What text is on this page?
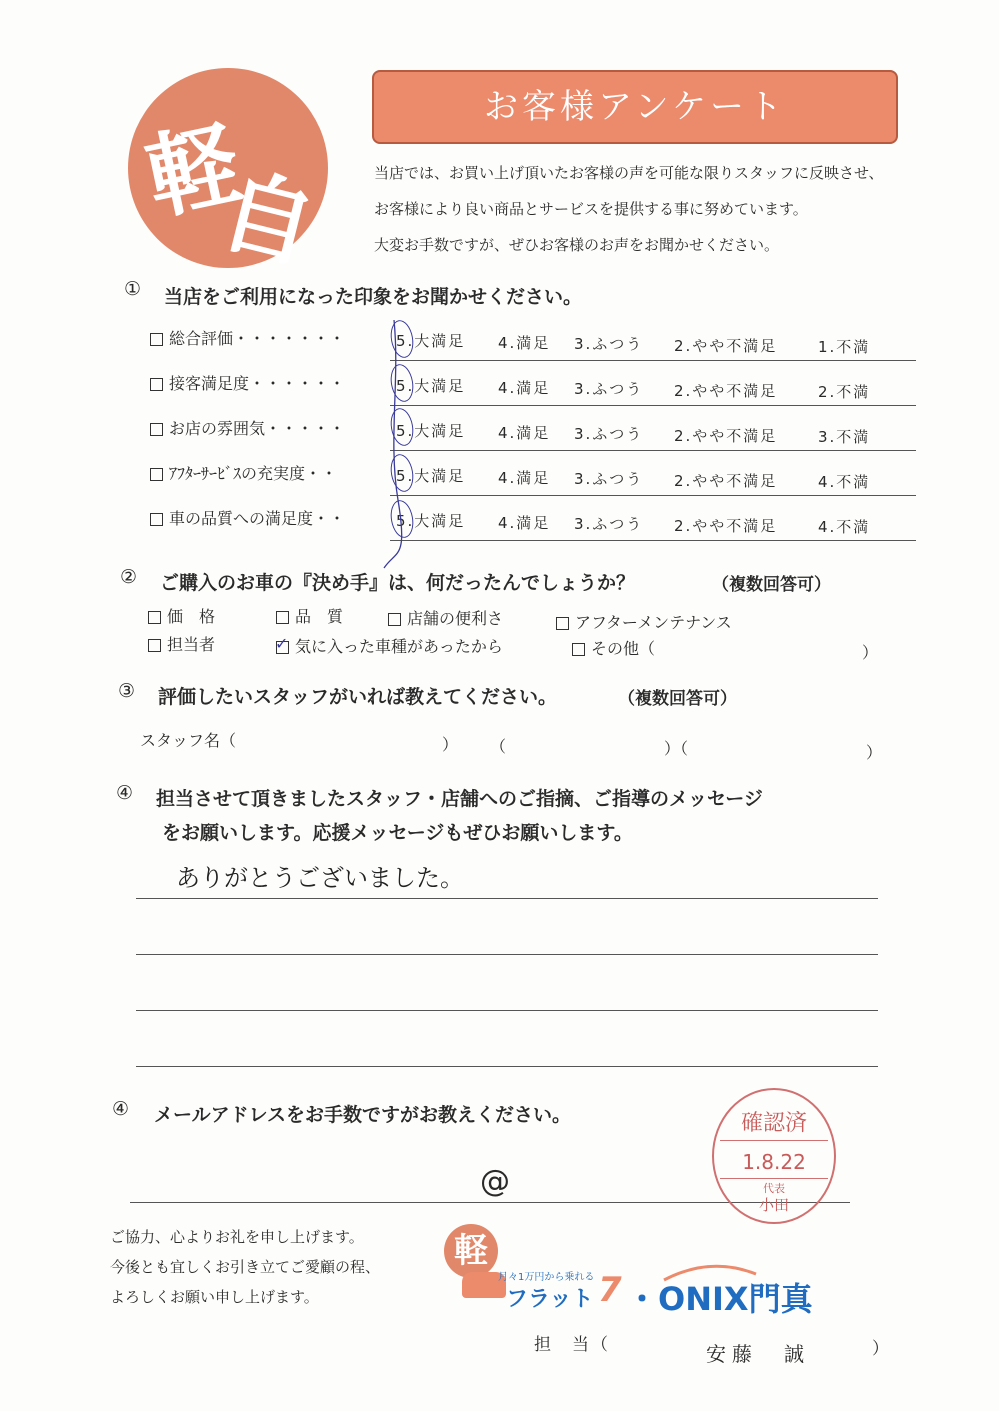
軽
自
お客様アンケート
当店では、お買い上げ頂いたお客様の声を可能な限りスタッフに反映させ、
お客様により良い商品とサービスを提供する事に努めています。
大変お手数ですが、ぜひお客様のお声をお聞かせください。
① 当店をご利用になった印象をお聞かせください。
総合評価・・・・・・・	5.大満足 4.満足 3.ふつう 2.やや不満足	1.不満
接客満足度・・・・・・	5.大満足 4.満足 3.ふつう 2.やや不満足	2.不満
お店の雰囲気・・・・・	5.大満足 4.満足 3.ふつう 2.やや不満足	3.不満
ｱﾌﾀｰｻｰﾋﾞｽの充実度・・	5.大満足 4.満足 3.ふつう 2.やや不満足	4.不満
車の品質への満足度・・	5.大満足 4.満足 3.ふつう 2.やや不満足	4.不満
② ご購入のお車の『決め手』は、何だったんでしょうか？	（複数回答可）
価　格	品　質	店舗の便利さ	アフターメンテナンス
担当者	✓ 気に入った車種があったから	その他（	）
③ 評価したいスタッフがいれば教えてください。	（複数回答可）
スタッフ名（	） （	）（	）
④ 担当させて頂きましたスタッフ・店舗へのご指摘、ご指導のメッセージ
をお願いします。応援メッセージもぜひお願いします。
ありがとうございました。
④ メールアドレスをお手数ですがお教えください。
@
確認済
1.8.22
代表
小田
ご協力、心よりお礼を申し上げます。
今後とも宜しくお引き立てご愛顧の程、
よろしくお願い申し上げます。
軽
月々1万円から乗れる
フラット 7 ・ONIX門真
担　当（	安藤　誠	）
